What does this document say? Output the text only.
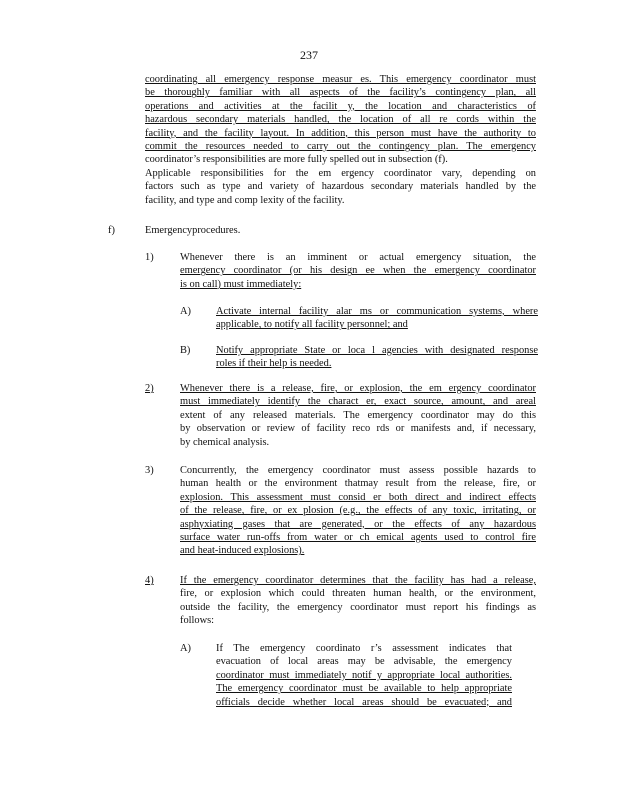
237
coordinating all emergency response measur es. This emergency coordinator must
be thoroughly familiar with all aspects of the facility’s contingency plan, all
operations and activities at the facilit y, the location and characteristics of
hazardous secondary materials handled, the location of all re cords within the
facility, and the facility layout. In addition, this person must have the authority to
commit the resources needed to carry out the contingency plan. The emergency
coordinator’s responsibilities are more fully spelled out in subsection (f).
Applicable responsibilities for the em ergency coordinator vary, depending on
factors such as type and variety of hazardous secondary materials handled by the
facility, and type and comp lexity of the facility.
f)	Emergencyprocedures.
1)	Whenever there is an imminent or actual emergency situation, the
emergency coordinator (or his design ee when the emergency coordinator
is on call) must immediately:
A) Activate internal facility alar ms or communication systems, where
applicable, to notify all facility personnel; and
B) Notify appropriate State or loca l agencies with designated response
roles if their help is needed.
2)	Whenever there is a release, fire, or explosion, the em ergency coordinator
must immediately identify the charact er, exact source, amount, and areal
extent of any released materials. The emergency coordinator may do this
by observation or review of facility reco rds or manifests and, if necessary,
by chemical analysis.
3)	Concurrently, the emergency coordinator must assess possible hazards to
human health or the environment thatmay result from the release, fire, or
explosion. This assessment must consid er both direct and indirect effects
of the release, fire, or ex plosion (e.g., the effects of any toxic, irritating, or
asphyxiating gases that are generated, or the effects of any hazardous
surface water run-offs from water or ch emical agents used to control fire
and heat-induced explosions).
4)	If the emergency coordinator determines that the facility has had a release,
fire, or explosion which could threaten human health, or the environment,
outside the facility, the emergency coordinator must report his findings as
follows:
A) If The emergency coordinato r’s assessment indicates that
evacuation of local areas may be advisable, the emergency
coordinator must immediately notif y appropriate local authorities.
The emergency coordinator must be available to help appropriate
officials decide whether local areas should be evacuated; and
